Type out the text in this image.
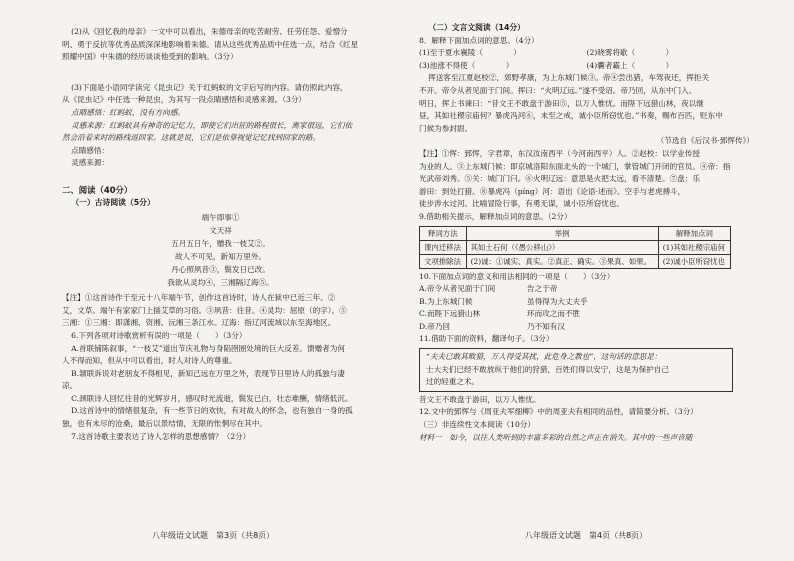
(2)从《回忆我的母亲》一文中可以看出，朱德母亲的吃苦耐劳、任劳任怨、爱憎分

明、勇于反抗等优秀品质深深地影响着朱德。请从这些优秀品质中任选一点，结合《红星

照耀中国》中朱德的经历谈谈他受到的影响。（3分）

(3)下面是小语同学读完《昆虫记》关于红蚂蚁的文字后写的内容。请仿照此内容，

从《昆虫记》中任选一种昆虫，为其写一段点睛感悟和灵感来源。（3分）

点睛感悟：红蚂蚁，没有方向感。

灵感来源：红蚂蚁具有神奇的记忆力，即使它们出征的路程很长，离家很远，它们依

然会沿着来时的路线返回家。这就是说，它们是依靠视觉记忆找到回家的路。

点睛感悟：

灵感来源：

二、阅读（40分）

（一）古诗阅读（5分）

端午即事①

文天祥

五月五日午，赠我一枝艾②。

故人不可见，新知万里外。

丹心照夙昔③，鬓发日已改。

我欲从灵均④，三湘隔辽海⑤。

【注】①这首诗作于至元十八年端午节，创作这首诗时，诗人在狱中已近三年。②

艾，文草。端午有家家门上插艾草的习俗。③夙昔：往昔。④灵均：屈原（的字）。⑤

三湘：①三湘：即潇湘、资湘、沅湘三条江水。辽海：指辽河流域以东至海地区。

6.下列各项对诗歌赏析有误的一项是（　　）（3分）

A.首联铺陈叙事，“一枝艾”道出节庆礼物与身陷囹圄处境的巨大反差。馈赠者为何

人不得而知，但从中可以看出，时人对诗人的尊重。

B.颔联诉说对老朋友不得相见，新知己远在万里之外，表现节日里诗人的孤独与凄

凉。

C.颈联诗人回忆往昔的光辉岁月，感叹时光流逝，鬓发已白，壮志难酬，情绪低沉。

D.这首诗中的情绪很复杂，有一些节日的欢快，有对故人的怀念，也有独自一身的孤

独，也有未尽的沧桑，最后以景结情，无限的怅惘尽在其中。

7.这首诗歌主要表达了诗人怎样的思想感情？（2分）

八年级语文试题　第3页（共8页）

（二）文言文阅读（14分）

8．解释下面加点词的意思。（4分）

(1)至于夏水襄陵（　　　　）	(2)晓雾将歇（　　　　）
(3)池涨不得使（　　　　）	(4)囊者霸上（　　　　）

挥送客至江夏赵校②，郊野孝康，为上东城门候③。帝④尝出猎，车驾夜还，挥拒关

不开。帝令从者见面于门间。挥曰：“火明辽远。”遂不受诏。帝乃回，从东中门入。

明日，挥上书谏曰：“昔文王不敢盘于游田⑤，以万人惟忧。而陛下远猎山林，夜以继

昼，其如社稷宗庙何？暴虎冯河⑥，未至之戒，诚小臣所窃忧也。”书奏，赐布百匹，贬东中

门候为参封尉。

（节选自《后汉书·郅恽传》）

【注】①恽：郅恽，字君章，东汉汝南西平（今河南西平）人。②赵校：以学业传授

为业的人。③上东城门候：即京城洛阳东面北头的一个城门，掌管城门开闭的官员。④帝：指

光武帝刘秀。⑤关：城门门闩。⑥火明辽远：意思是火把太远，看不清楚。⑦盘：乐

游田：到处打猎。⑧暴虎冯（píng）河：语出《论语·述而》。空手与老虎搏斗，

徒步涉水过河。比喻冒险行事，有勇无谋，诚小臣所窃忧也。

9.借助相关提示，解释加点词的意思。（2分）

释词方法	举例	解释加点词
课内迁移法	其如土石何（《愚公移山》）	(1)其如社稷宗庙何
文项排除法	(2)诚：①诚实、真实。②真正、确实。③果真、如果。	(2)诚小臣所窃忧也

10.下面加点词的意义和用法相同的一项是（　　）（3分）

A.帝令从者见面于门间	告之于帝
B.为上东城门候	虽得得为大丈夫乎
C.而陛下远猎山林	环而攻之而不胜
D.帝乃回	乃不知有汉

11.借助下面的资料，翻译句子。（3分）

“夫夫已敢其畋猎，万人得受其扰，此危身之教也”，这句话的意思是：

士大夫们已经不敢放纵于他们的狩猎，百姓们得以安宁，这是为保护自己

过的轻重之术。

昔文王不敢盘于游田，以万人惟忧。

12.文中的郅恽与《周亚夫军细柳》中的周亚夫有相同的品性，请简要分析。（3分）

（三）非连续性文本阅读（10分）

材料一　如今，以往人类听到的丰富多彩的自然之声正在消失。其中的一些声音随

八年级语文试题　第4页（共8页）
